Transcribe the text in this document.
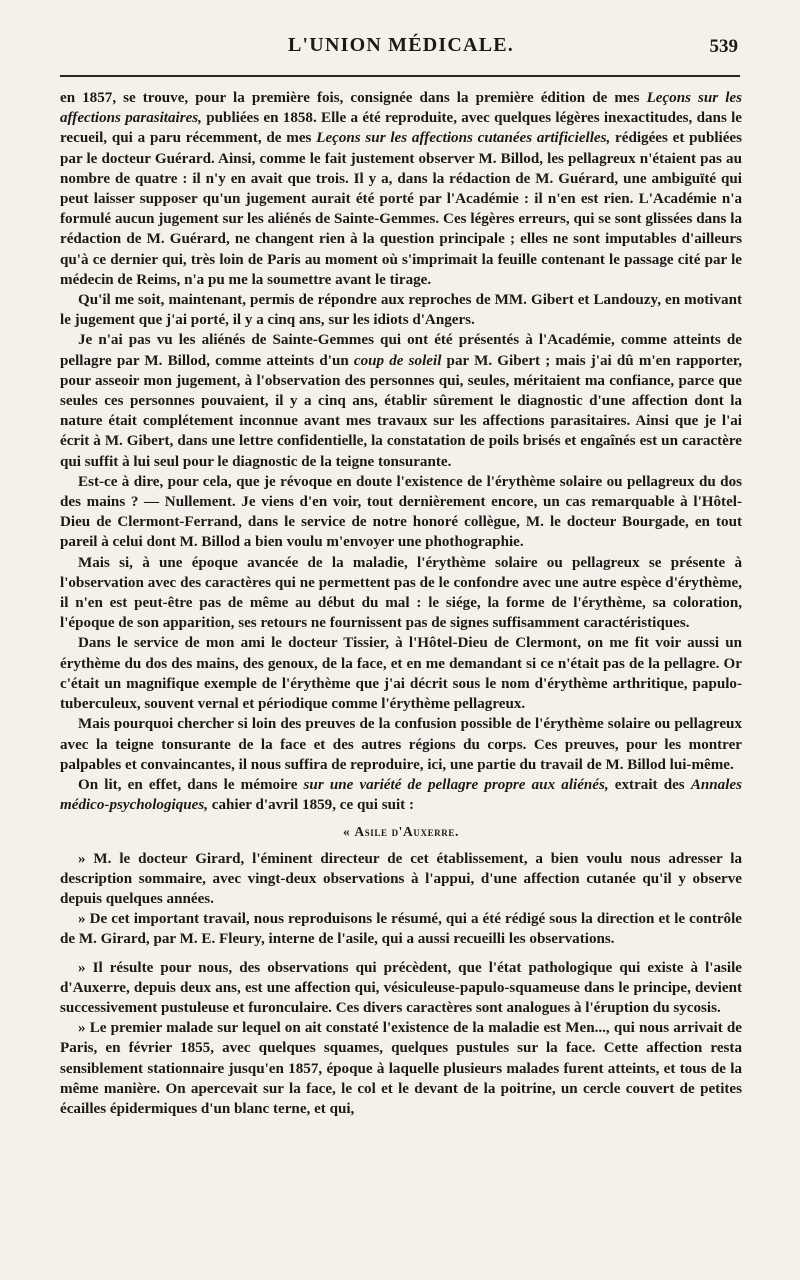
L'UNION MÉDICALE.	539

en 1857, se trouve, pour la première fois, consignée dans la première édition de mes Leçons sur les affections parasitaires, publiées en 1858. Elle a été reproduite, avec quelques légères inexactitudes, dans le recueil, qui a paru récemment, de mes Leçons sur les affections cutanées artificielles, rédigées et publiées par le docteur Guérard. Ainsi, comme le fait justement observer M. Billod, les pellagreux n'étaient pas au nombre de quatre : il n'y en avait que trois. Il y a, dans la rédaction de M. Guérard, une ambiguïté qui peut laisser supposer qu'un jugement aurait été porté par l'Académie : il n'en est rien. L'Académie n'a formulé aucun jugement sur les aliénés de Sainte-Gemmes. Ces légères erreurs, qui se sont glissées dans la rédaction de M. Guérard, ne changent rien à la question principale ; elles ne sont imputables d'ailleurs qu'à ce dernier qui, très loin de Paris au moment où s'imprimait la feuille contenant le passage cité par le médecin de Reims, n'a pu me la soumettre avant le tirage.

Qu'il me soit, maintenant, permis de répondre aux reproches de MM. Gibert et Landouzy, en motivant le jugement que j'ai porté, il y a cinq ans, sur les idiots d'Angers.

Je n'ai pas vu les aliénés de Sainte-Gemmes qui ont été présentés à l'Académie, comme atteints de pellagre par M. Billod, comme atteints d'un coup de soleil par M. Gibert ; mais j'ai dû m'en rapporter, pour asseoir mon jugement, à l'observation des personnes qui, seules, méritaient ma confiance, parce que seules ces personnes pouvaient, il y a cinq ans, établir sûrement le diagnostic d'une affection dont la nature était complétement inconnue avant mes travaux sur les affections parasitaires. Ainsi que je l'ai écrit à M. Gibert, dans une lettre confidentielle, la constatation de poils brisés et engaînés est un caractère qui suffit à lui seul pour le diagnostic de la teigne tonsurante.

Est-ce à dire, pour cela, que je révoque en doute l'existence de l'érythème solaire ou pellagreux du dos des mains ? — Nullement. Je viens d'en voir, tout dernièrement encore, un cas remarquable à l'Hôtel-Dieu de Clermont-Ferrand, dans le service de notre honoré collègue, M. le docteur Bourgade, en tout pareil à celui dont M. Billod a bien voulu m'envoyer une phothographie.

Mais si, à une époque avancée de la maladie, l'érythème solaire ou pellagreux se présente à l'observation avec des caractères qui ne permettent pas de le confondre avec une autre espèce d'érythème, il n'en est peut-être pas de même au début du mal : le siége, la forme de l'érythème, sa coloration, l'époque de son apparition, ses retours ne fournissent pas de signes suffisamment caractéristiques.

Dans le service de mon ami le docteur Tissier, à l'Hôtel-Dieu de Clermont, on me fit voir aussi un érythème du dos des mains, des genoux, de la face, et en me demandant si ce n'était pas de la pellagre. Or c'était un magnifique exemple de l'érythème que j'ai décrit sous le nom d'érythème arthritique, papulo-tuberculeux, souvent vernal et périodique comme l'érythème pellagreux.

Mais pourquoi chercher si loin des preuves de la confusion possible de l'érythème solaire ou pellagreux avec la teigne tonsurante de la face et des autres régions du corps. Ces preuves, pour les montrer palpables et convaincantes, il nous suffira de reproduire, ici, une partie du travail de M. Billod lui-même.

On lit, en effet, dans le mémoire sur une variété de pellagre propre aux aliénés, extrait des Annales médico-psychologiques, cahier d'avril 1859, ce qui suit :

« Asile d'Auxerre.

» M. le docteur Girard, l'éminent directeur de cet établissement, a bien voulu nous adresser la description sommaire, avec vingt-deux observations à l'appui, d'une affection cutanée qu'il y observe depuis quelques années.

» De cet important travail, nous reproduisons le résumé, qui a été rédigé sous la direction et le contrôle de M. Girard, par M. E. Fleury, interne de l'asile, qui a aussi recueilli les observations.

» Il résulte pour nous, des observations qui précèdent, que l'état pathologique qui existe à l'asile d'Auxerre, depuis deux ans, est une affection qui, vésiculeuse-papulo-squameuse dans le principe, devient successivement pustuleuse et furonculaire. Ces divers caractères sont analogues à l'éruption du sycosis.

» Le premier malade sur lequel on ait constaté l'existence de la maladie est Men..., qui nous arrivait de Paris, en février 1855, avec quelques squames, quelques pustules sur la face. Cette affection resta sensiblement stationnaire jusqu'en 1857, époque à laquelle plusieurs malades furent atteints, et tous de la même manière. On apercevait sur la face, le col et le devant de la poitrine, un cercle couvert de petites écailles épidermiques d'un blanc terne, et qui,
